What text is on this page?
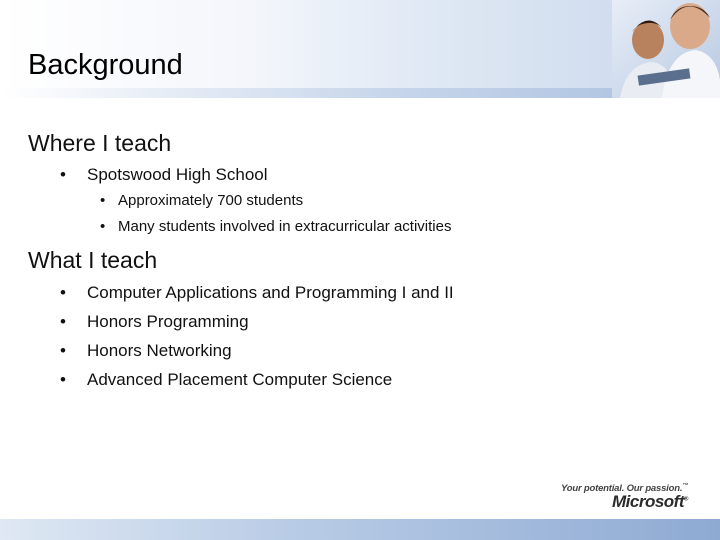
Background
Where I teach
• Spotswood High School
• Approximately 700 students
• Many students involved in extracurricular activities
What I teach
• Computer Applications and Programming I and II
• Honors Programming
• Honors Networking
• Advanced Placement Computer Science
Your potential. Our passion.™
Microsoft®
